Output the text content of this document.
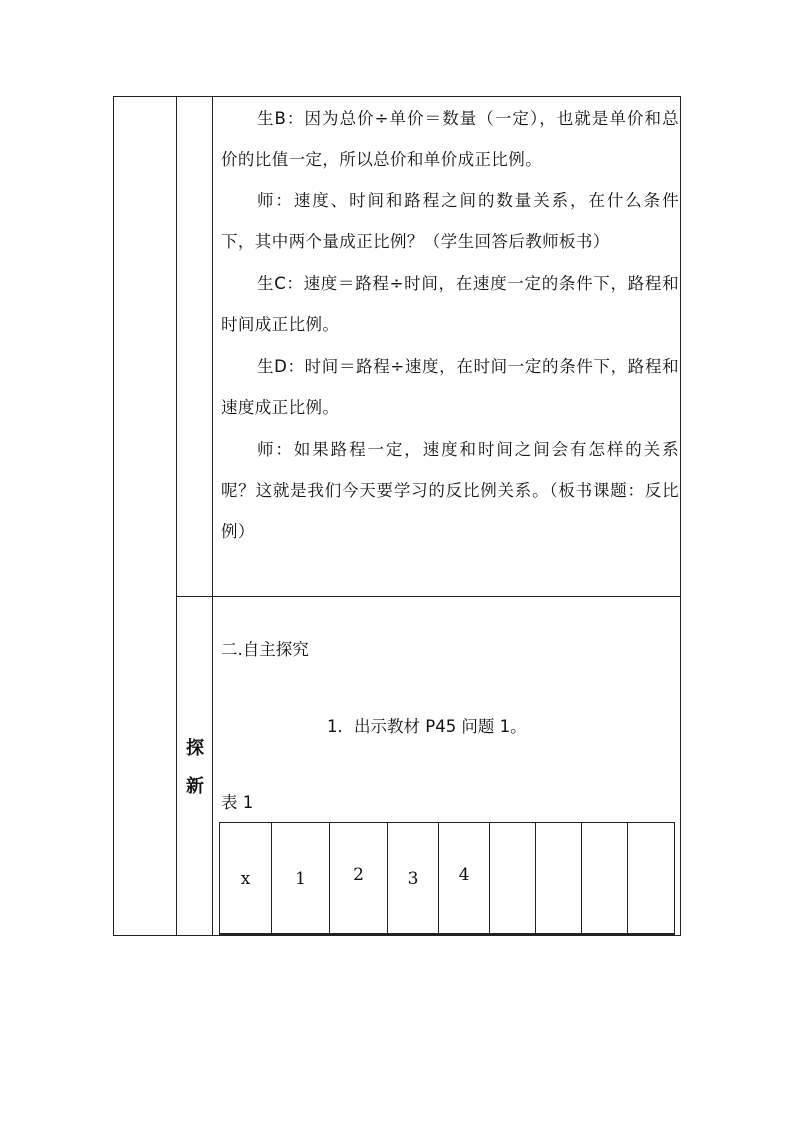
生B：因为总价÷单价＝数量（一定），也就是单价和总价的比值一定，所以总价和单价成正比例。

师：速度、时间和路程之间的数量关系，在什么条件下，其中两个量成正比例？（学生回答后教师板书）

生C：速度＝路程÷时间，在速度一定的条件下，路程和时间成正比例。

生D：时间＝路程÷速度，在时间一定的条件下，路程和速度成正比例。

师：如果路程一定，速度和时间之间会有怎样的关系呢？这就是我们今天要学习的反比例关系。（板书课题：反比例）

探
新
二.自主探究
1．出示教材 P45 问题 1。
表 1
x	1	2	3	4				
